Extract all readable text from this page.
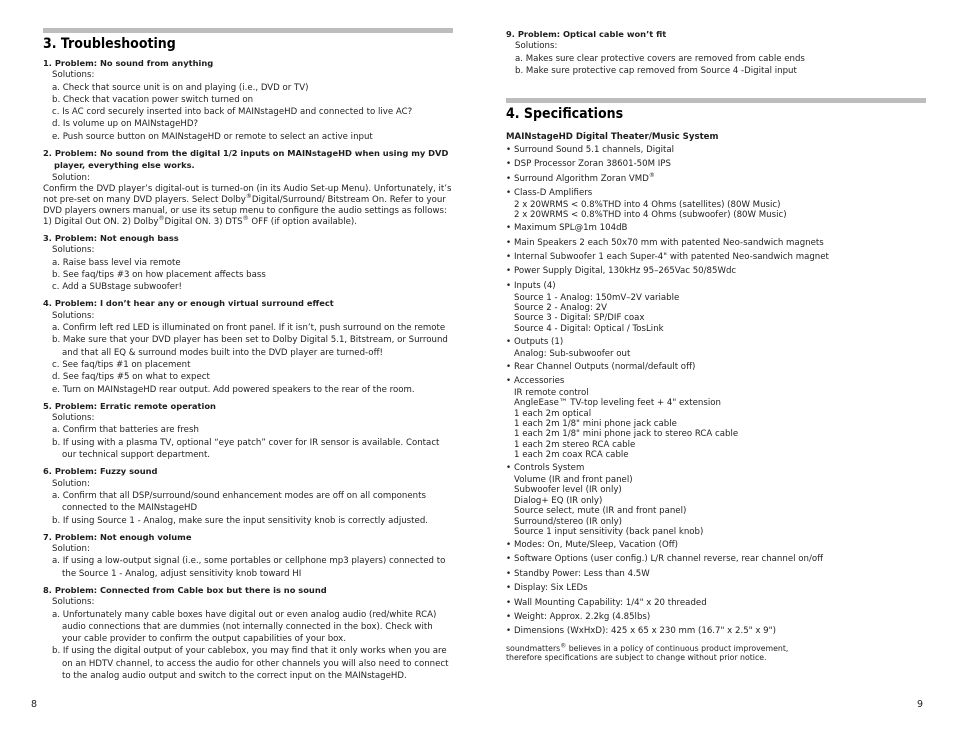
3. Troubleshooting
1. Problem: No sound from anything
Solutions:
a. Check that source unit is on and playing (i.e., DVD or TV)
b. Check that vacation power switch turned on
c. Is AC cord securely inserted into back of MAINstageHD and connected to live AC?
d. Is volume up on MAINstageHD?
e. Push source button on MAINstageHD or remote to select an active input
2. Problem: No sound from the digital 1/2 inputs on MAINstageHD when using my DVD
player, everything else works.
Solution:
Confirm the DVD player’s digital-out is turned-on (in its Audio Set-up Menu). Unfortunately, it’s not pre-set on many DVD players. Select Dolby®Digital/Surround/ Bitstream On. Refer to your DVD players owners manual, or use its setup menu to configure the audio settings as follows: 1) Digital Out ON. 2) Dolby®Digital ON. 3) DTS® OFF (if option available).
3. Problem: Not enough bass
Solutions:
a. Raise bass level via remote
b. See faq/tips #3 on how placement affects bass
c. Add a SUBstage subwoofer!
4. Problem: I don’t hear any or enough virtual surround effect
Solutions:
a. Confirm left red LED is illuminated on front panel. If it isn’t, push surround on the remote
b. Make sure that your DVD player has been set to Dolby Digital 5.1, Bitstream, or Surround and that all EQ & surround modes built into the DVD player are turned-off!
c. See faq/tips #1 on placement
d. See faq/tips #5 on what to expect
e. Turn on MAINstageHD rear output. Add powered speakers to the rear of the room.
5. Problem: Erratic remote operation
Solutions:
a. Confirm that batteries are fresh
b. If using with a plasma TV, optional “eye patch” cover for IR sensor is available. Contact our technical support department.
6. Problem: Fuzzy sound
Solution:
a. Confirm that all DSP/surround/sound enhancement modes are off on all components connected to the MAINstageHD
b. If using Source 1 - Analog, make sure the input sensitivity knob is correctly adjusted.
7. Problem: Not enough volume
Solution:
a. If using a low-output signal (i.e., some portables or cellphone mp3 players) connected to the Source 1 - Analog, adjust sensitivity knob toward HI
8. Problem: Connected from Cable box but there is no sound
Solutions:
a. Unfortunately many cable boxes have digital out or even analog audio (red/white RCA) audio connections that are dummies (not internally connected in the box). Check with your cable provider to confirm the output capabilities of your box.
b. If using the digital output of your cablebox, you may find that it only works when you are on an HDTV channel, to access the audio for other channels you will also need to connect to the analog audio output and switch to the correct input on the MAINstageHD.
9. Problem: Optical cable won’t fit
Solutions:
a. Makes sure clear protective covers are removed from cable ends
b. Make sure protective cap removed from Source 4 -Digital input
4. Specifications
MAINstageHD Digital Theater/Music System
• Surround Sound 5.1 channels, Digital
• DSP Processor Zoran 38601-50M IPS
• Surround Algorithm Zoran VMD®
• Class-D Amplifiers
2 x 20WRMS < 0.8%THD into 4 Ohms (satellites) (80W Music)
2 x 20WRMS < 0.8%THD into 4 Ohms (subwoofer) (80W Music)
• Maximum SPL@1m 104dB
• Main Speakers 2 each 50x70 mm with patented Neo-sandwich magnets
• Internal Subwoofer 1 each Super-4" with patented Neo-sandwich magnet
• Power Supply Digital, 130kHz 95–265Vac 50/85Wdc
• Inputs (4)
Source 1 - Analog: 150mV–2V variable
Source 2 - Analog: 2V
Source 3 - Digital: SP/DIF coax
Source 4 - Digital: Optical / TosLink
• Outputs (1)
Analog: Sub-subwoofer out
• Rear Channel Outputs (normal/default off)
• Accessories
IR remote control
AngleEase™ TV-top leveling feet + 4" extension
1 each 2m optical
1 each 2m 1/8" mini phone jack cable
1 each 2m 1/8" mini phone jack to stereo RCA cable
1 each 2m stereo RCA cable
1 each 2m coax RCA cable
• Controls System
Volume (IR and front panel)
Subwoofer level (IR only)
Dialog+ EQ (IR only)
Source select, mute (IR and front panel)
Surround/stereo (IR only)
Source 1 input sensitivity (back panel knob)
• Modes: On, Mute/Sleep, Vacation (Off)
• Software Options (user config.) L/R channel reverse, rear channel on/off
• Standby Power: Less than 4.5W
• Display: Six LEDs
• Wall Mounting Capability: 1/4" x 20 threaded
• Weight: Approx. 2.2kg (4.85lbs)
• Dimensions (WxHxD): 425 x 65 x 230 mm (16.7" x 2.5" x 9")
soundmatters® believes in a policy of continuous product improvement,
therefore specifications are subject to change without prior notice.
8	9
